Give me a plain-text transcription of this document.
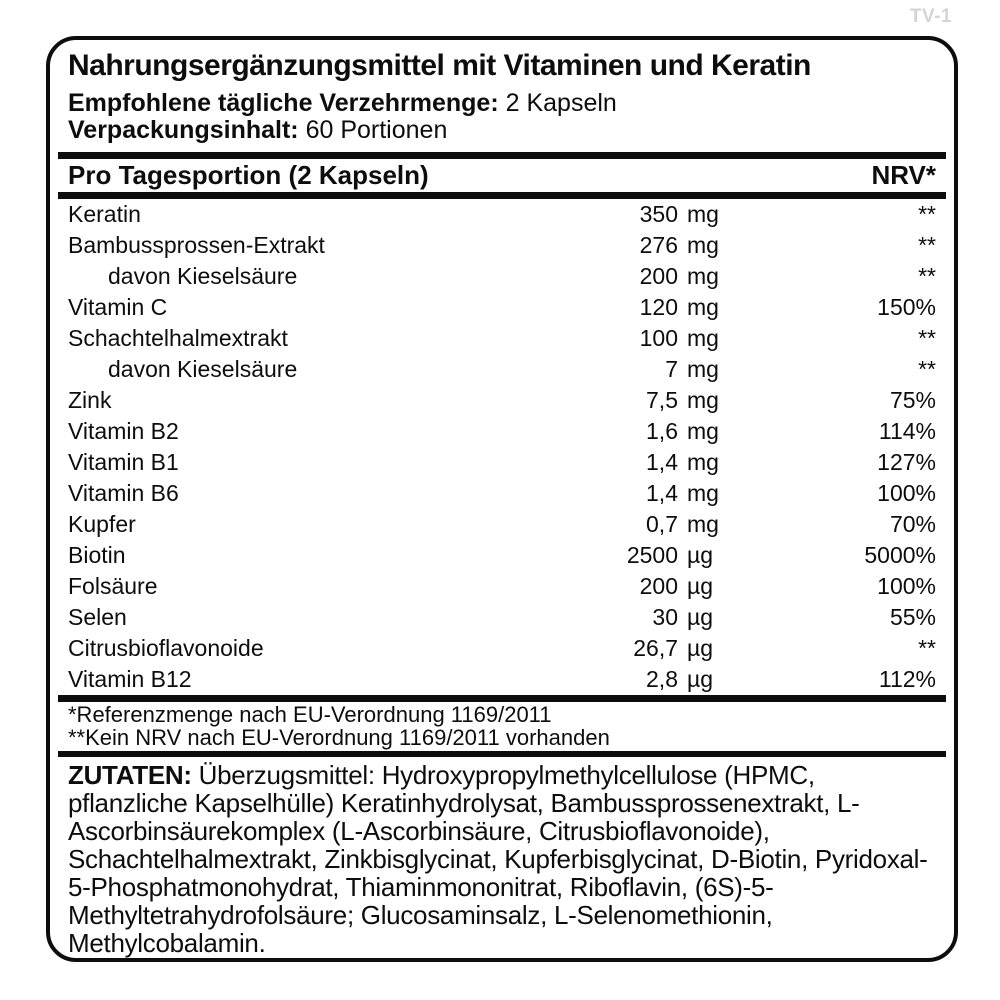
TV-1
Nahrungsergänzungsmittel mit Vitaminen und Keratin
Empfohlene tägliche Verzehrmenge: 2 Kapseln
Verpackungsinhalt: 60 Portionen
Pro Tagesportion (2 Kapseln)	NRV*
Keratin	350 mg	**
Bambussprossen-Extrakt	276 mg	**
davon Kieselsäure	200 mg	**
Vitamin C	120 mg	150%
Schachtelhalmextrakt	100 mg	**
davon Kieselsäure	7 mg	**
Zink	7,5 mg	75%
Vitamin B2	1,6 mg	114%
Vitamin B1	1,4 mg	127%
Vitamin B6	1,4 mg	100%
Kupfer	0,7 mg	70%
Biotin	2500 µg	5000%
Folsäure	200 µg	100%
Selen	30 µg	55%
Citrusbioflavonoide	26,7 µg	**
Vitamin B12	2,8 µg	112%
*Referenzmenge nach EU-Verordnung 1169/2011
**Kein NRV nach EU-Verordnung 1169/2011 vorhanden
ZUTATEN: Überzugsmittel: Hydroxypropylmethylcellulose (HPMC, pflanzliche Kapselhülle) Keratinhydrolysat, Bambussprossenextrakt, L-Ascorbinsäurekomplex (L-Ascorbinsäure, Citrusbioflavonoide), Schachtelhalmextrakt, Zinkbisglycinat, Kupferbisglycinat, D-Biotin, Pyridoxal-5-Phosphatmonohydrat, Thiaminmononitrat, Riboflavin, (6S)-5-Methyltetrahydrofolsäure; Glucosaminsalz, L-Selenomethionin, Methylcobalamin.
